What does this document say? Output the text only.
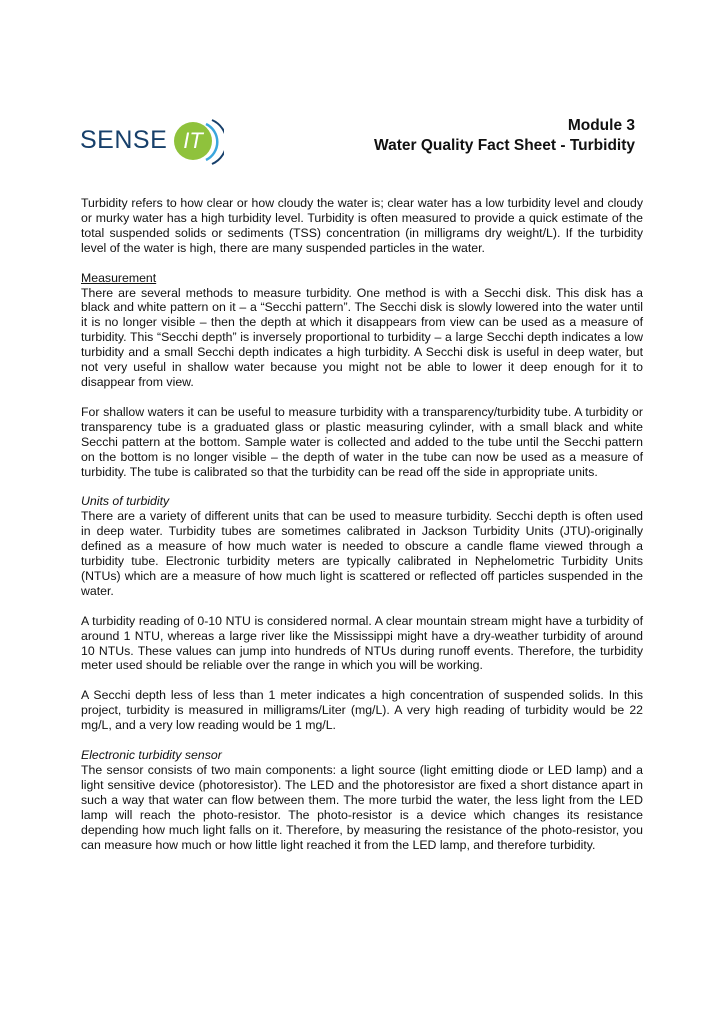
SENSE IT
Module 3
Water Quality Fact Sheet - Turbidity

Turbidity refers to how clear or how cloudy the water is; clear water has a low turbidity level and cloudy or murky water has a high turbidity level. Turbidity is often measured to provide a quick estimate of the total suspended solids or sediments (TSS) concentration (in milligrams dry weight/L). If the turbidity level of the water is high, there are many suspended particles in the water.

Measurement
There are several methods to measure turbidity. One method is with a Secchi disk. This disk has a black and white pattern on it – a “Secchi pattern”. The Secchi disk is slowly lowered into the water until it is no longer visible – then the depth at which it disappears from view can be used as a measure of turbidity. This “Secchi depth” is inversely proportional to turbidity – a large Secchi depth indicates a low turbidity and a small Secchi depth indicates a high turbidity. A Secchi disk is useful in deep water, but not very useful in shallow water because you might not be able to lower it deep enough for it to disappear from view.

For shallow waters it can be useful to measure turbidity with a transparency/turbidity tube. A turbidity or transparency tube is a graduated glass or plastic measuring cylinder, with a small black and white Secchi pattern at the bottom. Sample water is collected and added to the tube until the Secchi pattern on the bottom is no longer visible – the depth of water in the tube can now be used as a measure of turbidity. The tube is calibrated so that the turbidity can be read off the side in appropriate units.

Units of turbidity
There are a variety of different units that can be used to measure turbidity. Secchi depth is often used in deep water. Turbidity tubes are sometimes calibrated in Jackson Turbidity Units (JTU)-originally defined as a measure of how much water is needed to obscure a candle flame viewed through a turbidity tube. Electronic turbidity meters are typically calibrated in Nephelometric Turbidity Units (NTUs) which are a measure of how much light is scattered or reflected off particles suspended in the water.

A turbidity reading of 0-10 NTU is considered normal. A clear mountain stream might have a turbidity of around 1 NTU, whereas a large river like the Mississippi might have a dry-weather turbidity of around 10 NTUs. These values can jump into hundreds of NTUs during runoff events. Therefore, the turbidity meter used should be reliable over the range in which you will be working.

A Secchi depth less of less than 1 meter indicates a high concentration of suspended solids. In this project, turbidity is measured in milligrams/Liter (mg/L). A very high reading of turbidity would be 22 mg/L, and a very low reading would be 1 mg/L.

Electronic turbidity sensor
The sensor consists of two main components: a light source (light emitting diode or LED lamp) and a light sensitive device (photoresistor). The LED and the photoresistor are fixed a short distance apart in such a way that water can flow between them. The more turbid the water, the less light from the LED lamp will reach the photo-resistor. The photo-resistor is a device which changes its resistance depending how much light falls on it. Therefore, by measuring the resistance of the photo-resistor, you can measure how much or how little light reached it from the LED lamp, and therefore turbidity.
